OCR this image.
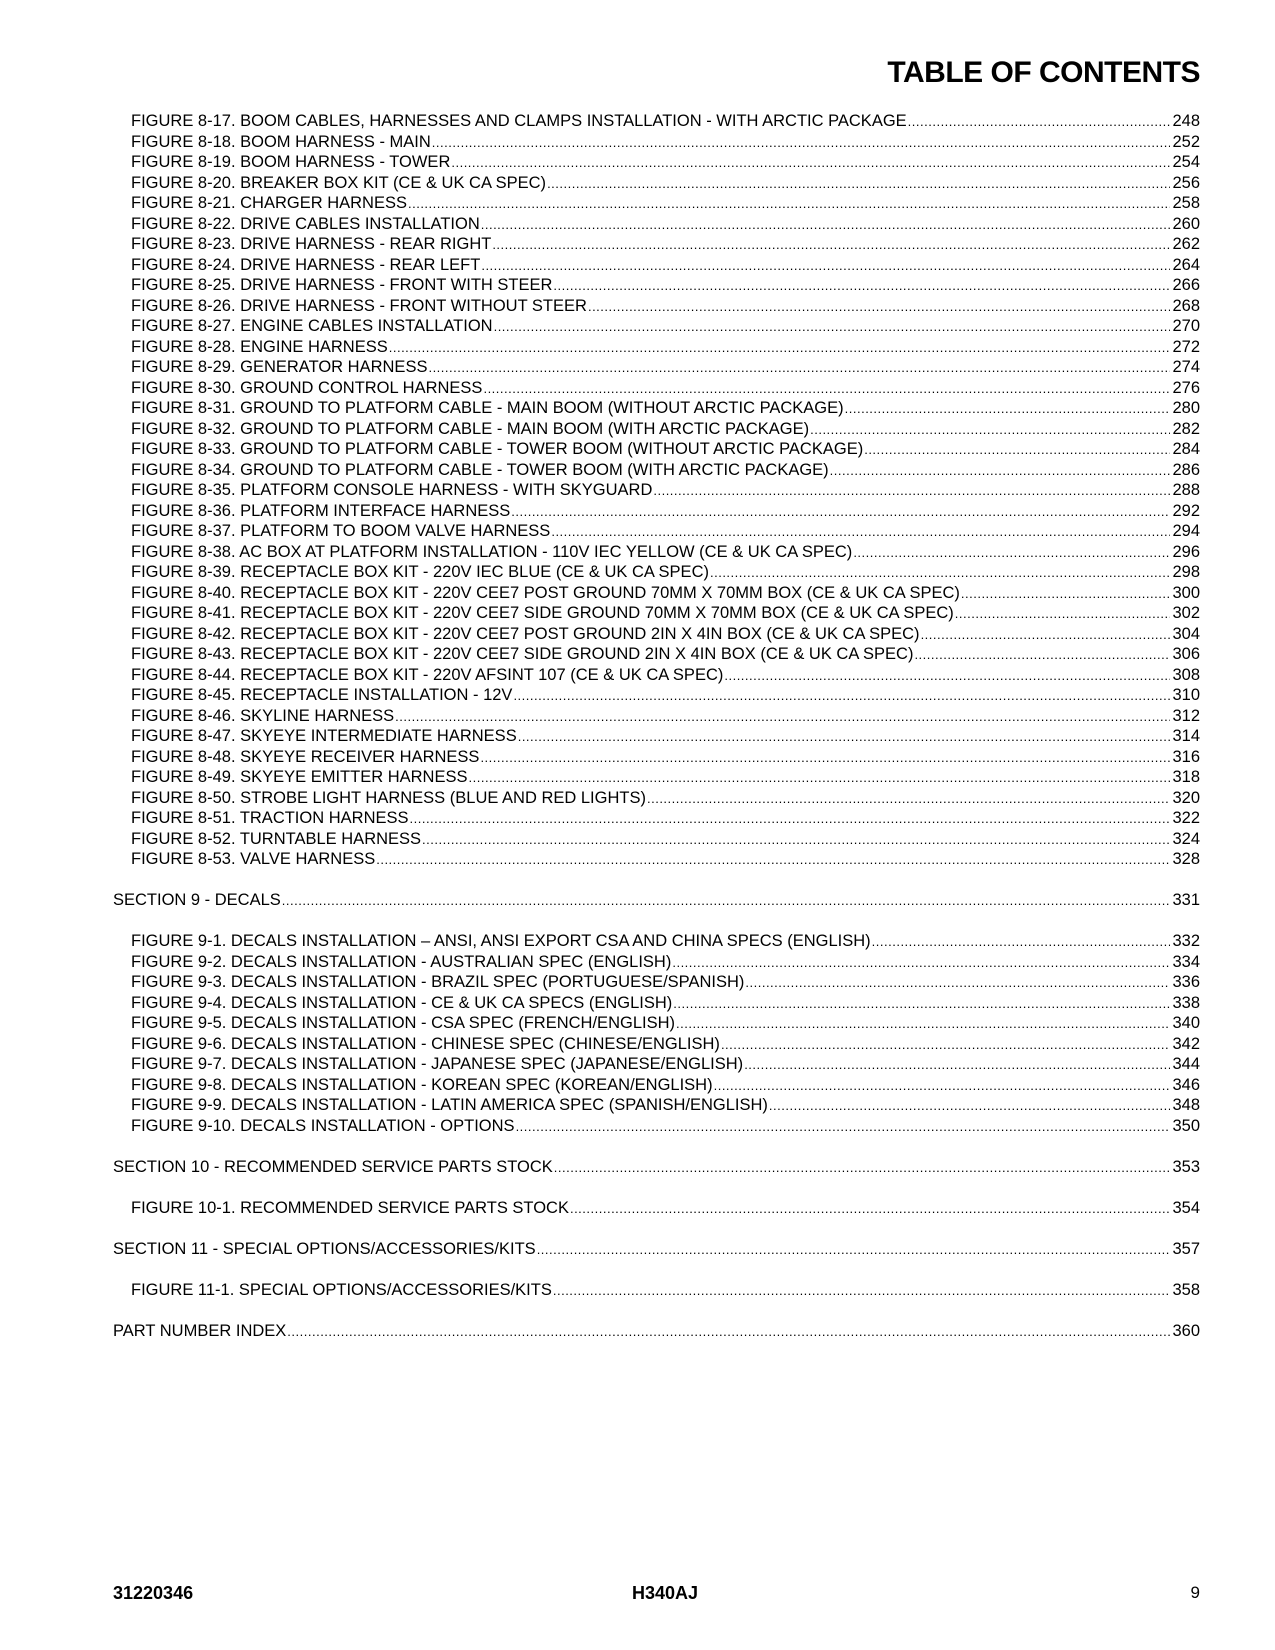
TABLE OF CONTENTS
FIGURE 8-17. BOOM CABLES, HARNESSES AND CLAMPS INSTALLATION - WITH ARCTIC PACKAGE .....	248
FIGURE 8-18. BOOM HARNESS - MAIN .....	252
FIGURE 8-19. BOOM HARNESS - TOWER .....	254
FIGURE 8-20. BREAKER BOX KIT (CE & UK CA SPEC) .....	256
FIGURE 8-21. CHARGER HARNESS .....	258
FIGURE 8-22. DRIVE CABLES INSTALLATION .....	260
FIGURE 8-23. DRIVE HARNESS - REAR RIGHT .....	262
FIGURE 8-24. DRIVE HARNESS - REAR LEFT .....	264
FIGURE 8-25. DRIVE HARNESS - FRONT WITH STEER .....	266
FIGURE 8-26. DRIVE HARNESS - FRONT WITHOUT STEER .....	268
FIGURE 8-27. ENGINE CABLES INSTALLATION .....	270
FIGURE 8-28. ENGINE HARNESS .....	272
FIGURE 8-29. GENERATOR HARNESS .....	274
FIGURE 8-30. GROUND CONTROL HARNESS .....	276
FIGURE 8-31. GROUND TO PLATFORM CABLE - MAIN BOOM (WITHOUT ARCTIC PACKAGE) .....	280
FIGURE 8-32. GROUND TO PLATFORM CABLE - MAIN BOOM (WITH ARCTIC PACKAGE) .....	282
FIGURE 8-33. GROUND TO PLATFORM CABLE - TOWER BOOM (WITHOUT ARCTIC PACKAGE) .....	284
FIGURE 8-34. GROUND TO PLATFORM CABLE - TOWER BOOM (WITH ARCTIC PACKAGE) .....	286
FIGURE 8-35. PLATFORM CONSOLE HARNESS - WITH SKYGUARD .....	288
FIGURE 8-36. PLATFORM INTERFACE HARNESS .....	292
FIGURE 8-37. PLATFORM TO BOOM VALVE HARNESS .....	294
FIGURE 8-38. AC BOX AT PLATFORM INSTALLATION - 110V IEC YELLOW (CE & UK CA SPEC) .....	296
FIGURE 8-39. RECEPTACLE BOX KIT - 220V IEC BLUE (CE & UK CA SPEC) .....	298
FIGURE 8-40. RECEPTACLE BOX KIT - 220V CEE7 POST GROUND 70MM X 70MM BOX (CE & UK CA SPEC) .....	300
FIGURE 8-41. RECEPTACLE BOX KIT - 220V CEE7 SIDE GROUND 70MM X 70MM BOX (CE & UK CA SPEC) .....	302
FIGURE 8-42. RECEPTACLE BOX KIT - 220V CEE7 POST GROUND 2IN X 4IN BOX (CE & UK CA SPEC) .....	304
FIGURE 8-43. RECEPTACLE BOX KIT - 220V CEE7 SIDE GROUND 2IN X 4IN BOX (CE & UK CA SPEC) .....	306
FIGURE 8-44. RECEPTACLE BOX KIT - 220V AFSINT 107 (CE & UK CA SPEC) .....	308
FIGURE 8-45. RECEPTACLE INSTALLATION - 12V .....	310
FIGURE 8-46. SKYLINE HARNESS .....	312
FIGURE 8-47. SKYEYE INTERMEDIATE HARNESS .....	314
FIGURE 8-48. SKYEYE RECEIVER HARNESS .....	316
FIGURE 8-49. SKYEYE EMITTER HARNESS .....	318
FIGURE 8-50. STROBE LIGHT HARNESS (BLUE AND RED LIGHTS) .....	320
FIGURE 8-51. TRACTION HARNESS .....	322
FIGURE 8-52. TURNTABLE HARNESS .....	324
FIGURE 8-53. VALVE HARNESS .....	328
SECTION 9 - DECALS .....	331
FIGURE 9-1. DECALS INSTALLATION – ANSI, ANSI EXPORT CSA AND CHINA SPECS (ENGLISH) .....	332
FIGURE 9-2. DECALS INSTALLATION - AUSTRALIAN SPEC (ENGLISH) .....	334
FIGURE 9-3. DECALS INSTALLATION - BRAZIL SPEC (PORTUGUESE/SPANISH) .....	336
FIGURE 9-4. DECALS INSTALLATION - CE & UK CA SPECS (ENGLISH) .....	338
FIGURE 9-5. DECALS INSTALLATION - CSA SPEC (FRENCH/ENGLISH) .....	340
FIGURE 9-6. DECALS INSTALLATION - CHINESE SPEC (CHINESE/ENGLISH) .....	342
FIGURE 9-7. DECALS INSTALLATION - JAPANESE SPEC (JAPANESE/ENGLISH) .....	344
FIGURE 9-8. DECALS INSTALLATION - KOREAN SPEC (KOREAN/ENGLISH) .....	346
FIGURE 9-9. DECALS INSTALLATION - LATIN AMERICA SPEC (SPANISH/ENGLISH) .....	348
FIGURE 9-10. DECALS INSTALLATION - OPTIONS .....	350
SECTION 10 - RECOMMENDED SERVICE PARTS STOCK .....	353
FIGURE 10-1. RECOMMENDED SERVICE PARTS STOCK .....	354
SECTION 11 - SPECIAL OPTIONS/ACCESSORIES/KITS .....	357
FIGURE 11-1. SPECIAL OPTIONS/ACCESSORIES/KITS .....	358
PART NUMBER INDEX .....	360
31220346	H340AJ	9
